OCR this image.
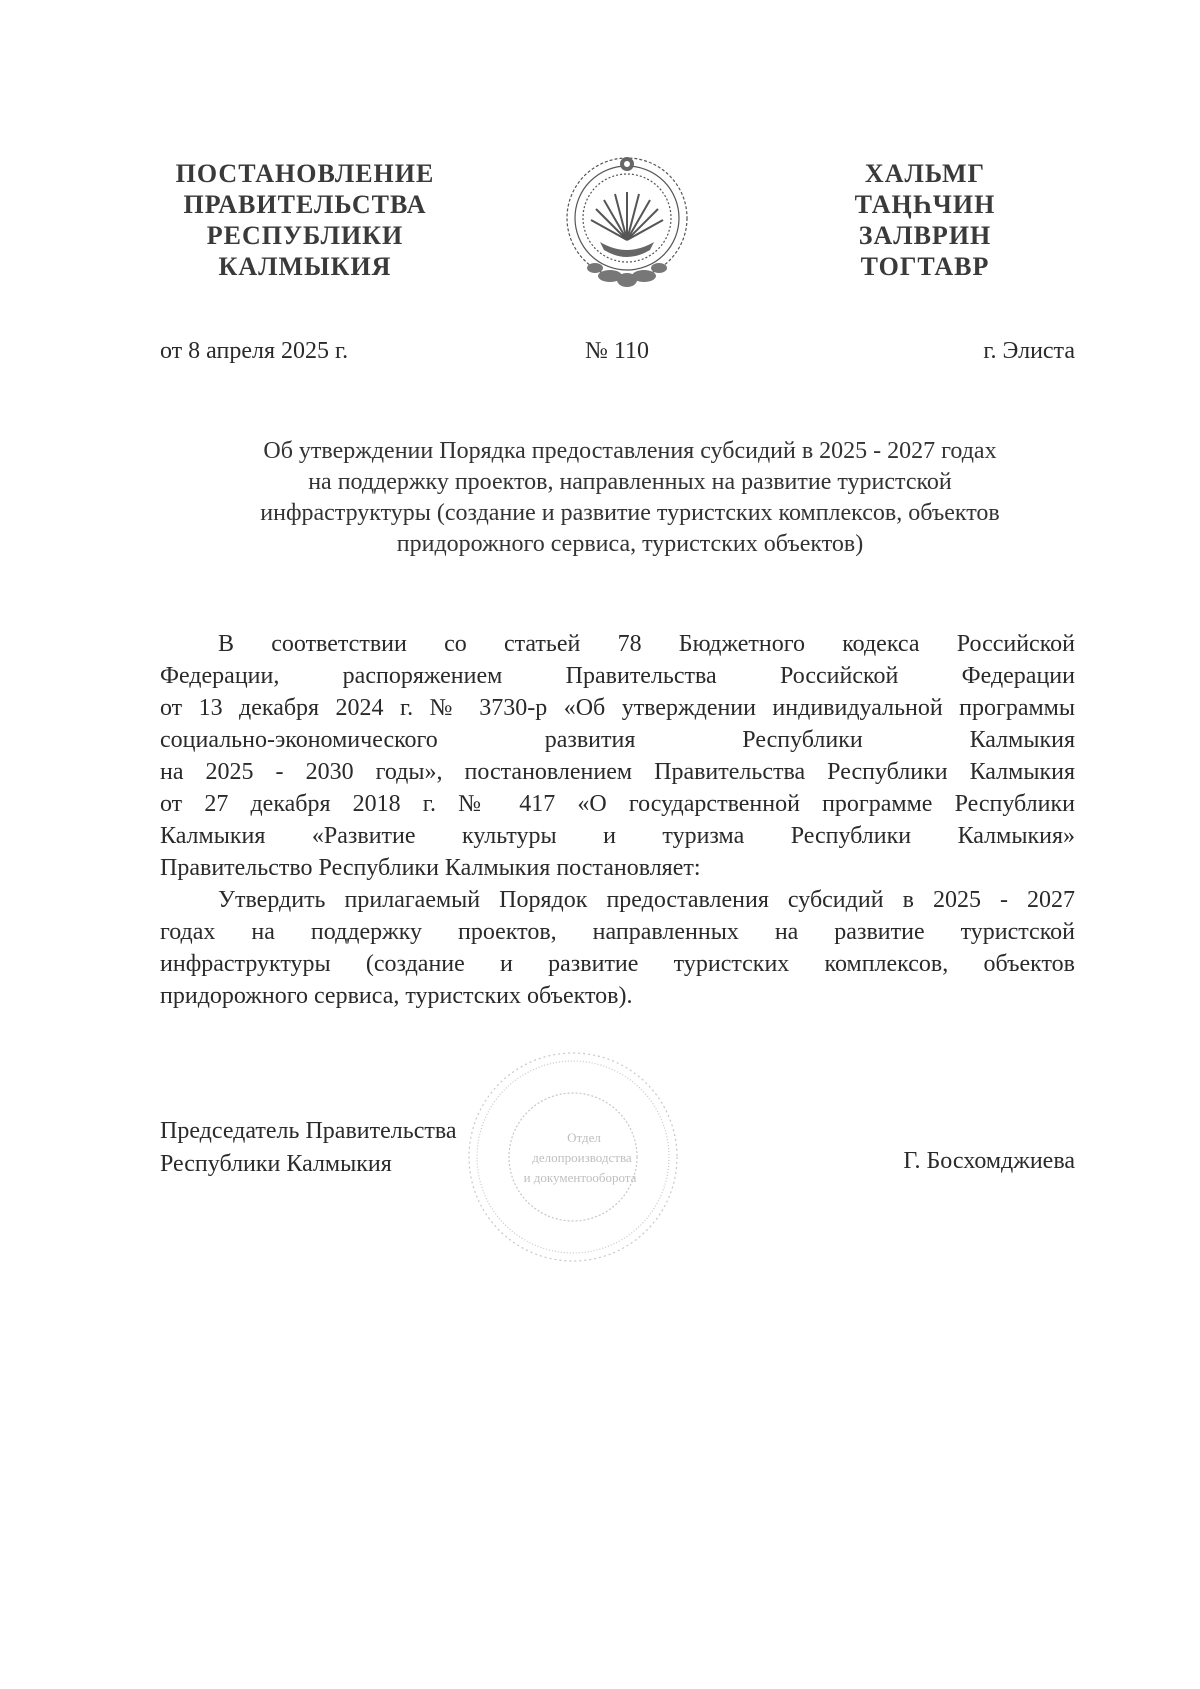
ПОСТАНОВЛЕНИЕ
ПРАВИТЕЛЬСТВА
РЕСПУБЛИКИ
КАЛМЫКИЯ
ХАЛЬМГ
ТАҢҺЧИН
ЗАЛВРИН
ТОГТАВР
от 8 апреля 2025 г.	№ 110	г. Элиста
Об утверждении Порядка предоставления субсидий в 2025 - 2027 годах
на поддержку проектов, направленных на развитие туристской
инфраструктуры (создание и развитие туристских комплексов, объектов
придорожного сервиса, туристских объектов)
В соответствии со статьей 78 Бюджетного кодекса Российской
Федерации, распоряжением Правительства Российской Федерации
от 13 декабря 2024 г. № 3730-р «Об утверждении индивидуальной программы
социально-экономического развития Республики Калмыкия
на 2025 - 2030 годы», постановлением Правительства Республики Калмыкия
от 27 декабря 2018 г. № 417 «О государственной программе Республики
Калмыкия «Развитие культуры и туризма Республики Калмыкия»
Правительство Республики Калмыкия постановляет:
Утвердить прилагаемый Порядок предоставления субсидий в 2025 - 2027
годах на поддержку проектов, направленных на развитие туристской
инфраструктуры (создание и развитие туристских комплексов, объектов
придорожного сервиса, туристских объектов).
Отдел
делопроизводства
и документооборота
Председатель Правительства
Республики Калмыкия	Г. Босхомджиева
